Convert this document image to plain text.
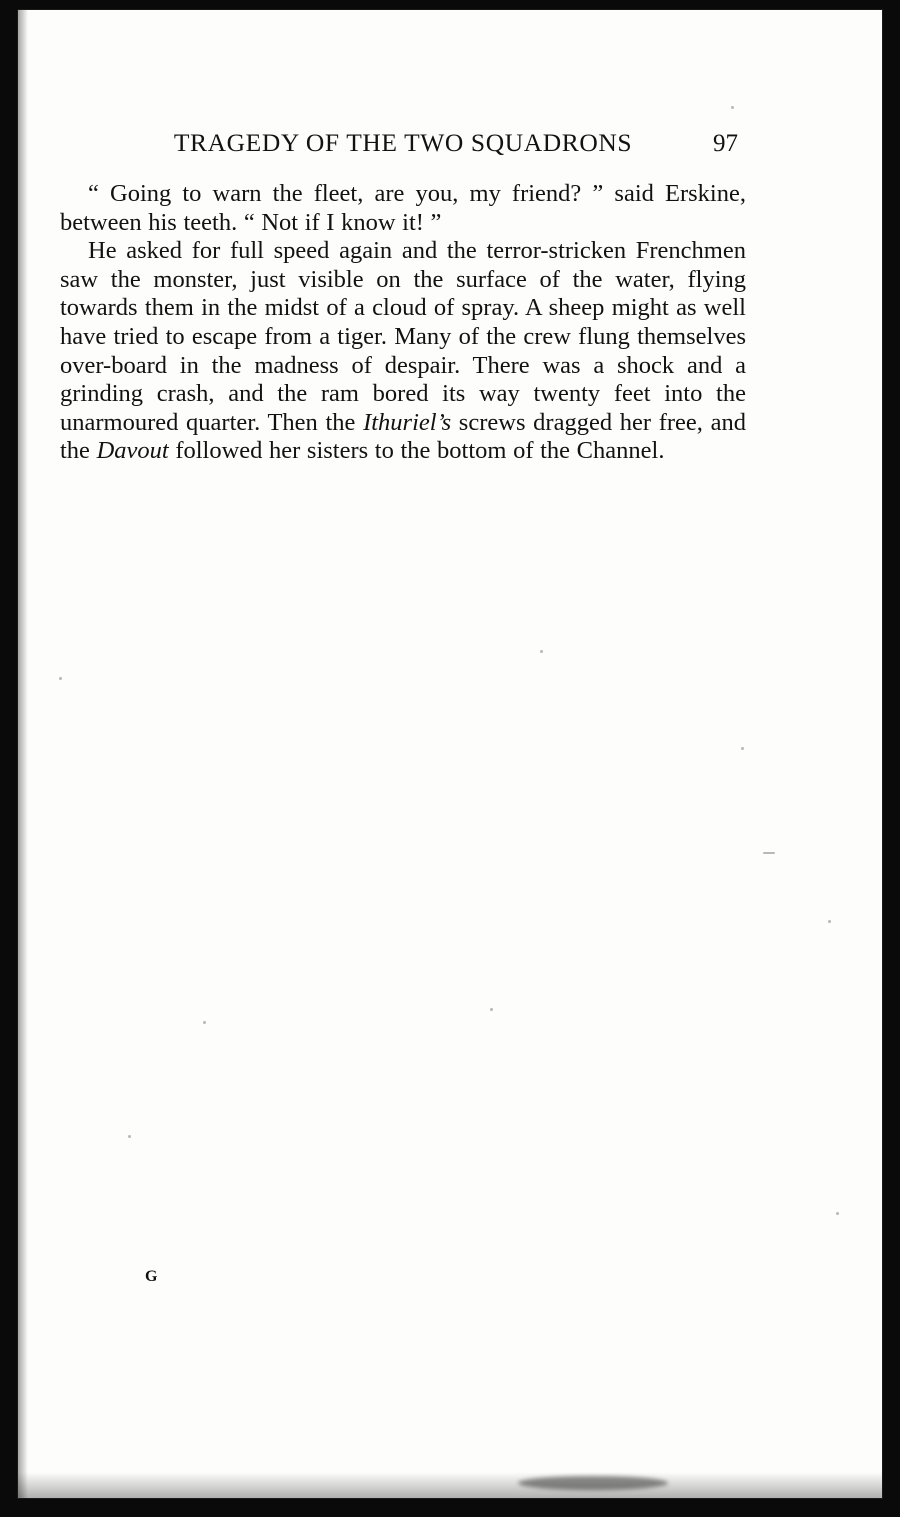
TRAGEDY OF THE TWO SQUADRONS	97

“ Going to warn the fleet, are you, my friend? ” said Erskine, between his teeth. “ Not if I know it! ”

He asked for full speed again and the terror-stricken Frenchmen saw the monster, just visible on the surface of the water, flying towards them in the midst of a cloud of spray. A sheep might as well have tried to escape from a tiger. Many of the crew flung themselves over-board in the madness of despair. There was a shock and a grinding crash, and the ram bored its way twenty feet into the unarmoured quarter. Then the Ithuriel’s screws dragged her free, and the Davout followed her sisters to the bottom of the Channel.

G
